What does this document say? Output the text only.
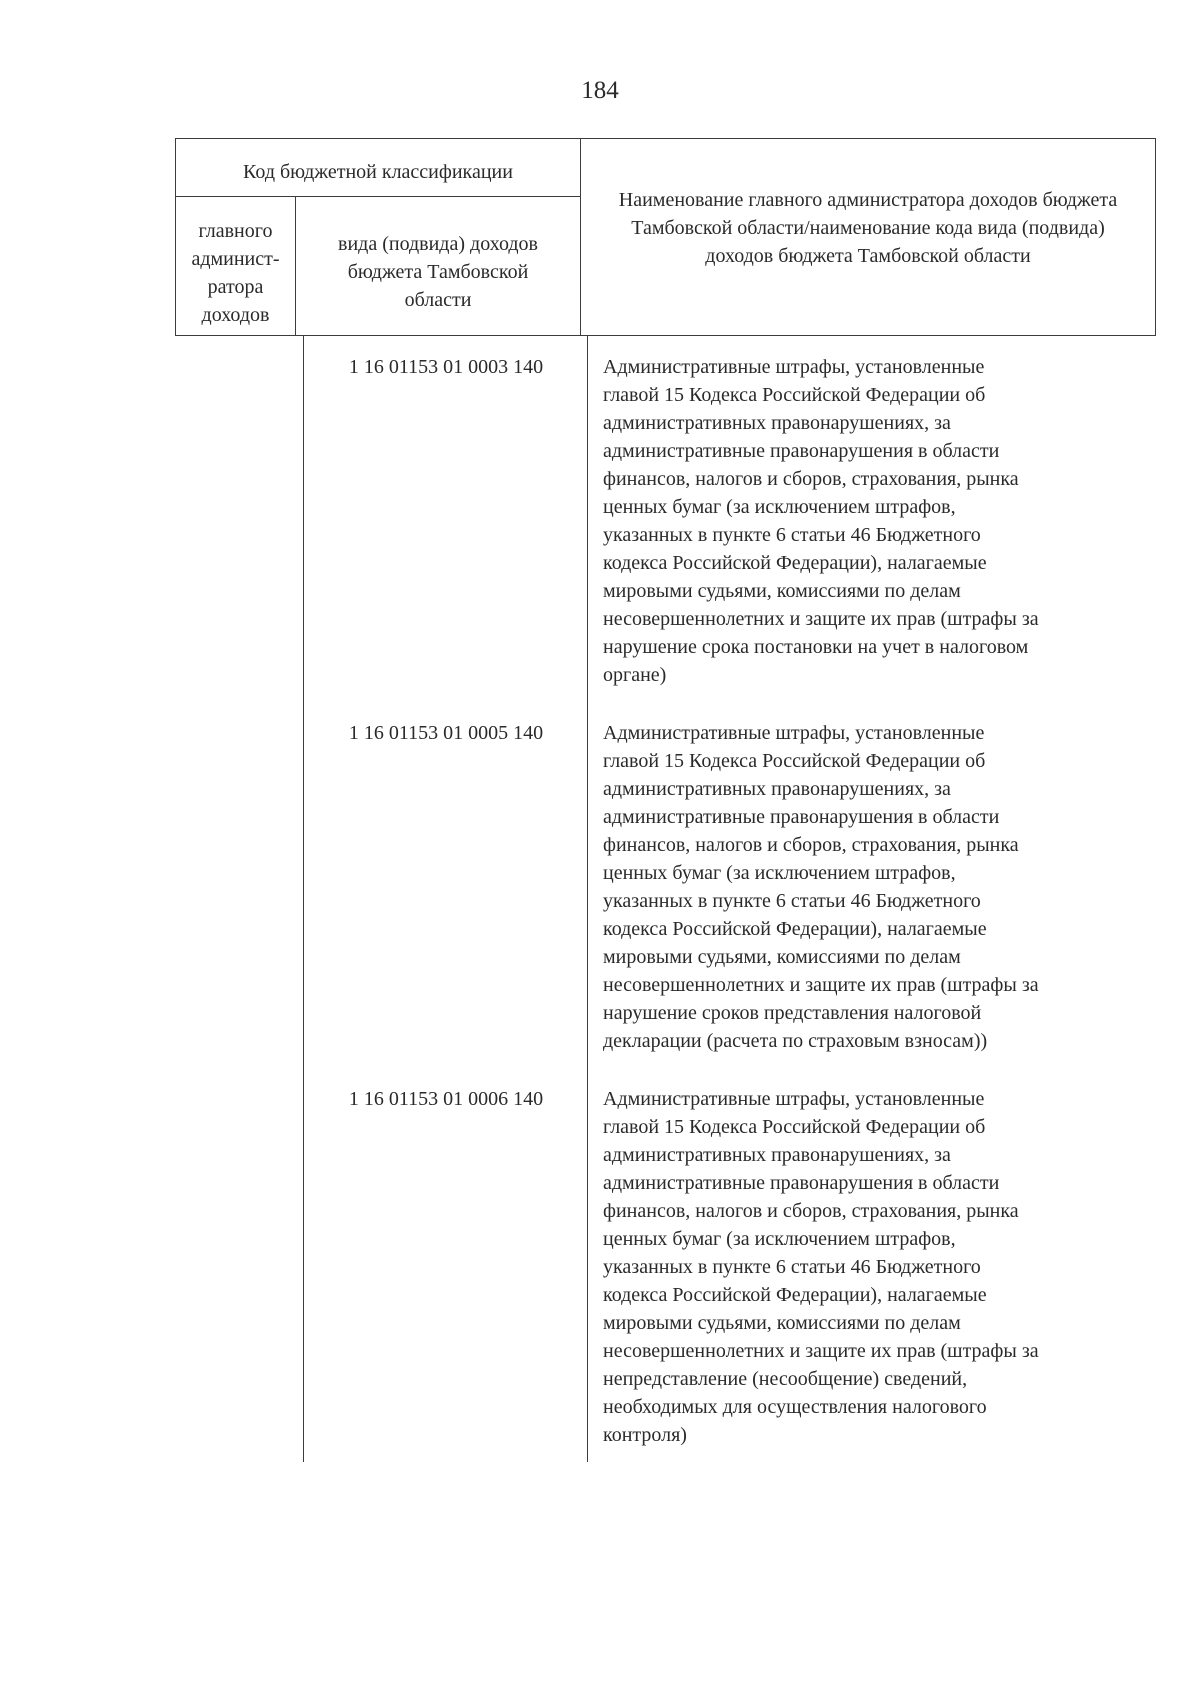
184
Код бюджетной классификации
главного
админист-
ратора
доходов
вида (подвида) доходов
бюджета Тамбовской
области
Наименование главного администратора доходов бюджета Тамбовской области/наименование кода вида (подвида) доходов бюджета Тамбовской области
1 16 01153 01 0003 140	Административные штрафы, установленные
главой 15 Кодекса Российской Федерации об
административных правонарушениях, за
административные правонарушения в области
финансов, налогов и сборов, страхования, рынка
ценных бумаг (за исключением штрафов,
указанных в пункте 6 статьи 46 Бюджетного
кодекса Российской Федерации), налагаемые
мировыми судьями, комиссиями по делам
несовершеннолетних и защите их прав (штрафы за
нарушение срока постановки на учет в налоговом
органе)
1 16 01153 01 0005 140	Административные штрафы, установленные
главой 15 Кодекса Российской Федерации об
административных правонарушениях, за
административные правонарушения в области
финансов, налогов и сборов, страхования, рынка
ценных бумаг (за исключением штрафов,
указанных в пункте 6 статьи 46 Бюджетного
кодекса Российской Федерации), налагаемые
мировыми судьями, комиссиями по делам
несовершеннолетних и защите их прав (штрафы за
нарушение сроков представления налоговой
декларации (расчета по страховым взносам))
1 16 01153 01 0006 140	Административные штрафы, установленные
главой 15 Кодекса Российской Федерации об
административных правонарушениях, за
административные правонарушения в области
финансов, налогов и сборов, страхования, рынка
ценных бумаг (за исключением штрафов,
указанных в пункте 6 статьи 46 Бюджетного
кодекса Российской Федерации), налагаемые
мировыми судьями, комиссиями по делам
несовершеннолетних и защите их прав (штрафы за
непредставление (несообщение) сведений,
необходимых для осуществления налогового
контроля)
